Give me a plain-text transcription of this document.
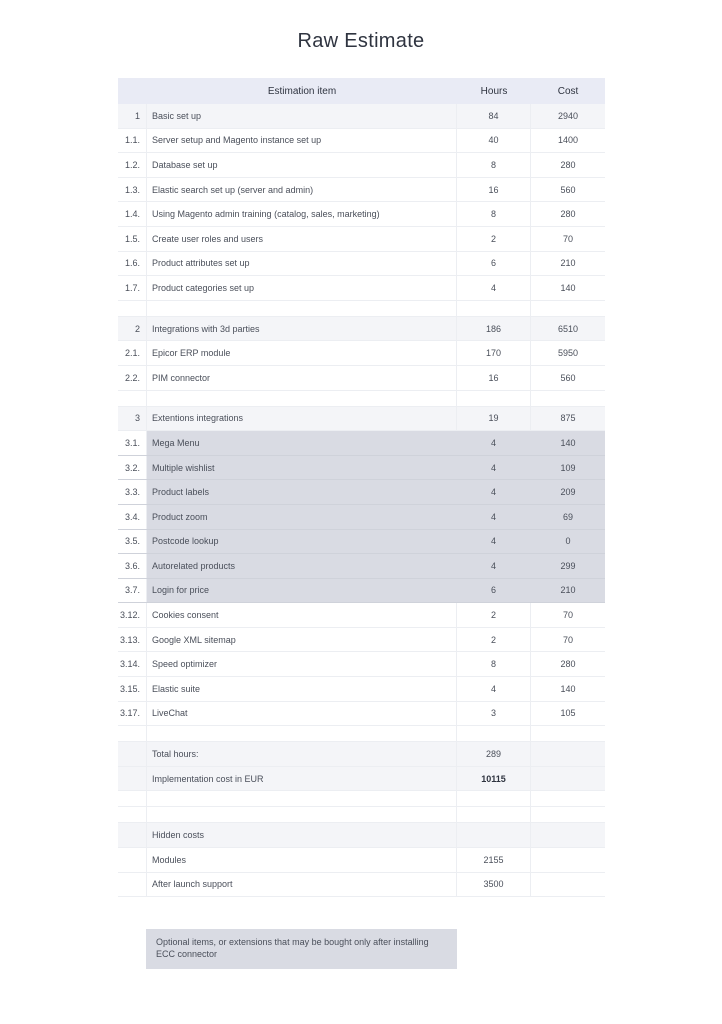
Raw Estimate
Estimation item	Hours	Cost
1	Basic set up	84	2940
1.1.	Server setup and Magento instance set up	40	1400
1.2.	Database set up	8	280
1.3.	Elastic search set up (server and admin)	16	560
1.4.	Using Magento admin training (catalog, sales, marketing)	8	280
1.5.	Create user roles and users	2	70
1.6.	Product attributes set up	6	210
1.7.	Product categories set up	4	140
2	Integrations with 3d parties	186	6510
2.1.	Epicor ERP module	170	5950
2.2.	PIM connector	16	560
3	Extentions integrations	19	875
3.1.	Mega Menu	4	140
3.2.	Multiple wishlist	4	109
3.3.	Product labels	4	209
3.4.	Product zoom	4	69
3.5.	Postcode lookup	4	0
3.6.	Autorelated products	4	299
3.7.	Login for price	6	210
3.12.	Cookies consent	2	70
3.13.	Google XML sitemap	2	70
3.14.	Speed optimizer	8	280
3.15.	Elastic suite	4	140
3.17.	LiveChat	3	105
Total hours:	289
Implementation cost in EUR	10115
Hidden costs
Modules	2155
After launch support	3500
Optional items, or extensions that may be bought only after installing ECC connector
